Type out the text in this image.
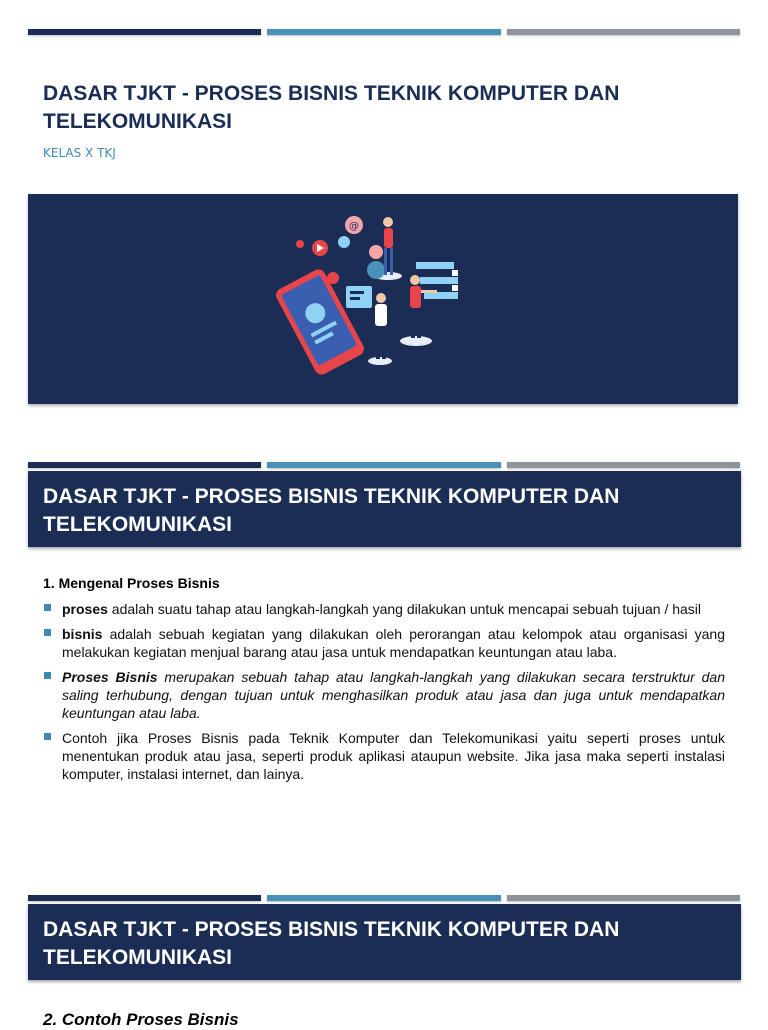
DASAR TJKT - PROSES BISNIS TEKNIK KOMPUTER DAN TELEKOMUNIKASI
KELAS X TKJ
@
DASAR TJKT - PROSES BISNIS TEKNIK KOMPUTER DAN TELEKOMUNIKASI
1. Mengenal Proses Bisnis
proses adalah suatu tahap atau langkah-langkah yang dilakukan untuk mencapai sebuah tujuan / hasil
bisnis adalah sebuah kegiatan yang dilakukan oleh perorangan atau kelompok atau organisasi yang melakukan kegiatan menjual barang atau jasa untuk mendapatkan keuntungan atau laba.
Proses Bisnis merupakan sebuah tahap atau langkah-langkah yang dilakukan secara terstruktur dan saling terhubung, dengan tujuan untuk menghasilkan produk atau jasa dan juga untuk mendapatkan keuntungan atau laba.
Contoh jika Proses Bisnis pada Teknik Komputer dan Telekomunikasi yaitu seperti proses untuk menentukan produk atau jasa, seperti produk aplikasi ataupun website. Jika jasa maka seperti instalasi komputer, instalasi internet, dan lainya.
DASAR TJKT - PROSES BISNIS TEKNIK KOMPUTER DAN TELEKOMUNIKASI
2. Contoh Proses Bisnis
